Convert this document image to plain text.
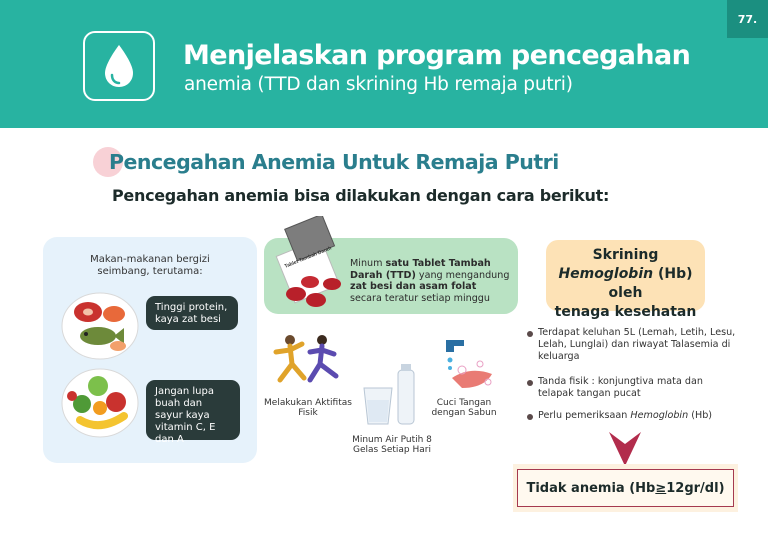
77.
Menjelaskan program pencegahan
anemia (TTD dan skrining Hb remaja putri)
Pencegahan Anemia Untuk Remaja Putri
Pencegahan anemia bisa dilakukan dengan cara berikut:
Makan-makanan bergizi seimbang, terutama:
Tinggi protein, kaya zat besi
Jangan lupa buah dan sayur kaya vitamin C, E dan A
Tablet Tambah Darah Minum satu Tablet Tambah Darah (TTD) yang mengandung zat besi dan asam folat secara teratur setiap minggu
Melakukan Aktifitas Fisik
Minum Air Putih 8 Gelas Setiap Hari
Cuci Tangan dengan Sabun
Skrining
Hemoglobin (Hb) oleh
tenaga kesehatan
Terdapat keluhan 5L (Lemah, Letih, Lesu, Lelah, Lunglai) dan riwayat Talasemia di keluarga
Tanda fisik : konjungtiva mata dan telapak tangan pucat
Perlu pemeriksaan Hemoglobin (Hb)
Tidak anemia (Hb ≥ 12gr/dl)
